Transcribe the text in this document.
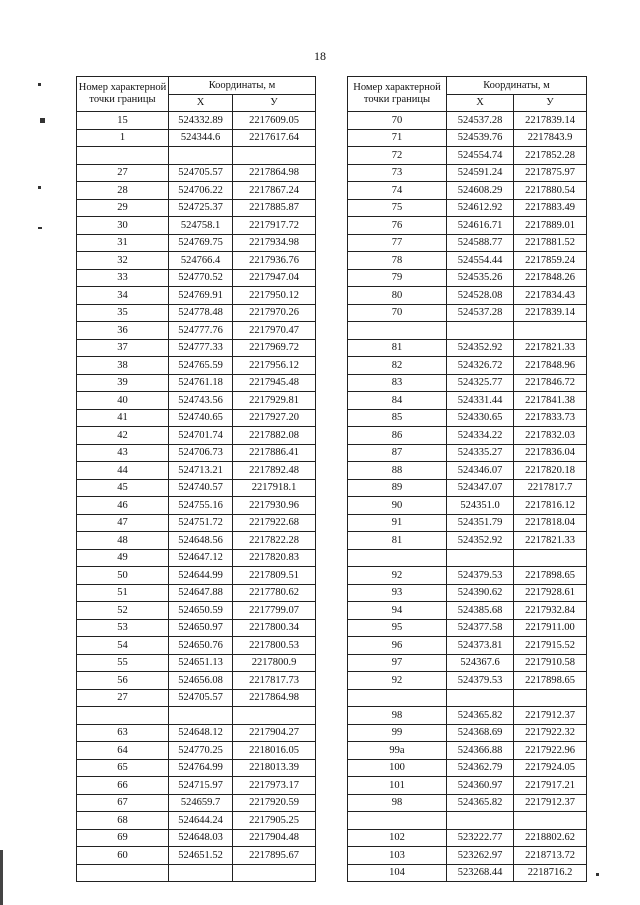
18
Номер характерной точки границы	Координаты, м	
	X	У
15	524332.89	2217609.05
1	524344.6	2217617.64

27	524705.57	2217864.98
28	524706.22	2217867.24
29	524725.37	2217885.87
30	524758.1	2217917.72
31	524769.75	2217934.98
32	524766.4	2217936.76
33	524770.52	2217947.04
34	524769.91	2217950.12
35	524778.48	2217970.26
36	524777.76	2217970.47
37	524777.33	2217969.72
38	524765.59	2217956.12
39	524761.18	2217945.48
40	524743.56	2217929.81
41	524740.65	2217927.20
42	524701.74	2217882.08
43	524706.73	2217886.41
44	524713.21	2217892.48
45	524740.57	2217918.1
46	524755.16	2217930.96
47	524751.72	2217922.68
48	524648.56	2217822.28
49	524647.12	2217820.83
50	524644.99	2217809.51
51	524647.88	2217780.62
52	524650.59	2217799.07
53	524650.97	2217800.34
54	524650.76	2217800.53
55	524651.13	2217800.9
56	524656.08	2217817.73
27	524705.57	2217864.98

63	524648.12	2217904.27
64	524770.25	2218016.05
65	524764.99	2218013.39
66	524715.97	2217973.17
67	524659.7	2217920.59
68	524644.24	2217905.25
69	524648.03	2217904.48
60	524651.52	2217895.67

Номер характерной точки границы	Координаты, м	
	X	У
70	524537.28	2217839.14
71	524539.76	2217843.9
72	524554.74	2217852.28
73	524591.24	2217875.97
74	524608.29	2217880.54
75	524612.92	2217883.49
76	524616.71	2217889.01
77	524588.77	2217881.52
78	524554.44	2217859.24
79	524535.26	2217848.26
80	524528.08	2217834.43
70	524537.28	2217839.14

81	524352.92	2217821.33
82	524326.72	2217848.96
83	524325.77	2217846.72
84	524331.44	2217841.38
85	524330.65	2217833.73
86	524334.22	2217832.03
87	524335.27	2217836.04
88	524346.07	2217820.18
89	524347.07	2217817.7
90	524351.0	2217816.12
91	524351.79	2217818.04
81	524352.92	2217821.33

92	524379.53	2217898.65
93	524390.62	2217928.61
94	524385.68	2217932.84
95	524377.58	2217911.00
96	524373.81	2217915.52
97	524367.6	2217910.58
92	524379.53	2217898.65

98	524365.82	2217912.37
99	524368.69	2217922.32
99a	524366.88	2217922.96
100	524362.79	2217924.05
101	524360.97	2217917.21
98	524365.82	2217912.37

102	523222.77	2218802.62
103	523262.97	2218713.72
104	523268.44	2218716.2
